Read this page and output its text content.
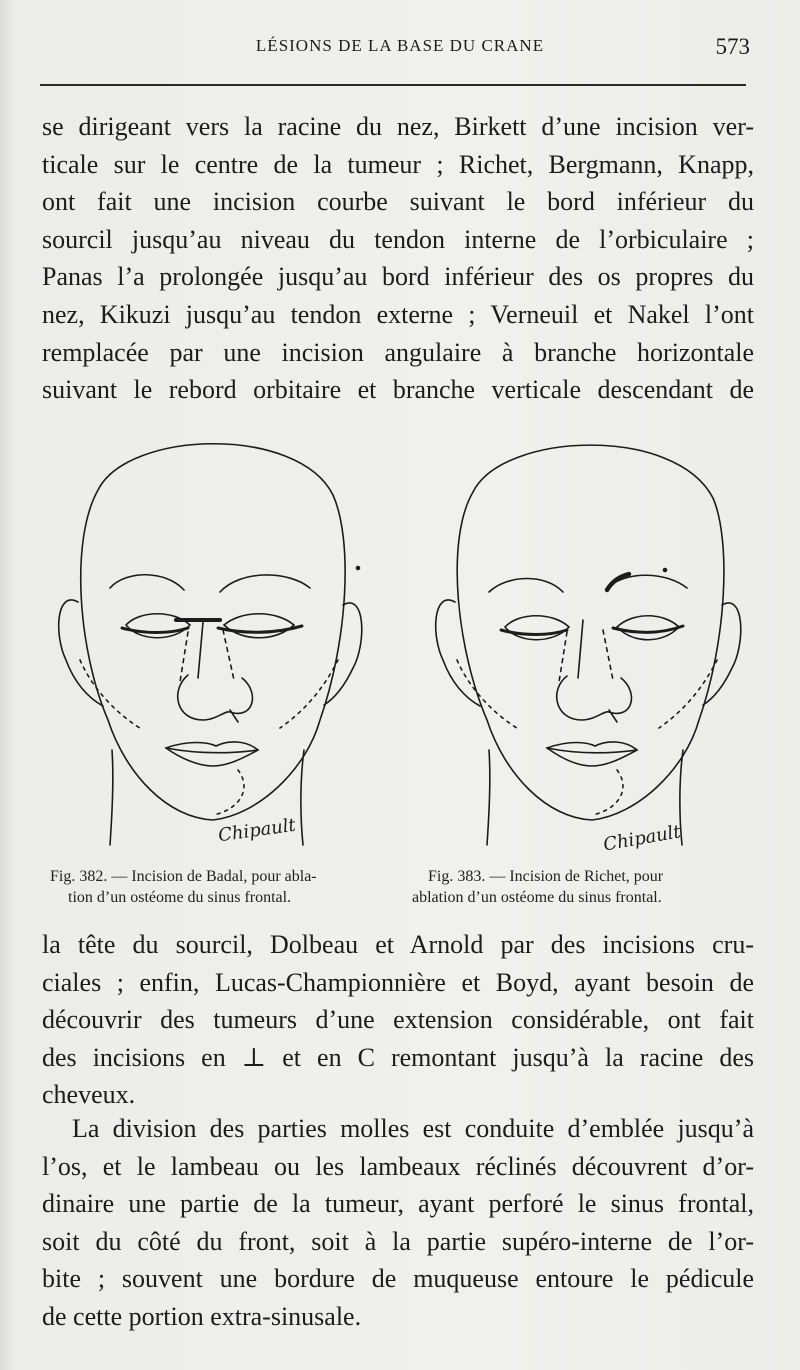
LÉSIONS DE LA BASE DU CRANE	573

se dirigeant vers la racine du nez, Birkett d’une incision ver-
ticale sur le centre de la tumeur ; Richet, Bergmann, Knapp,
ont fait une incision courbe suivant le bord inférieur du
sourcil jusqu’au niveau du tendon interne de l’orbiculaire ;
Panas l’a prolongée jusqu’au bord inférieur des os propres du
nez, Kikuzi jusqu’au tendon externe ; Verneuil et Nakel l’ont
remplacée par une incision angulaire à branche horizontale
suivant le rebord orbitaire et branche verticale descendant de

Chipault	Chipault
Fig. 382. — Incision de Badal, pour abla-
tion d’un ostéome du sinus frontal.
Fig. 383. — Incision de Richet, pour
ablation d’un ostéome du sinus frontal.

la tête du sourcil, Dolbeau et Arnold par des incisions cru-
ciales ; enfin, Lucas-Championnière et Boyd, ayant besoin de
découvrir des tumeurs d’une extension considérable, ont fait
des incisions en ⊥ et en C remontant jusqu’à la racine des
cheveux.

La division des parties molles est conduite d’emblée jusqu’à
l’os, et le lambeau ou les lambeaux réclinés découvrent d’or-
dinaire une partie de la tumeur, ayant perforé le sinus frontal,
soit du côté du front, soit à la partie supéro-interne de l’or-
bite ; souvent une bordure de muqueuse entoure le pédicule
de cette portion extra-sinusale.
